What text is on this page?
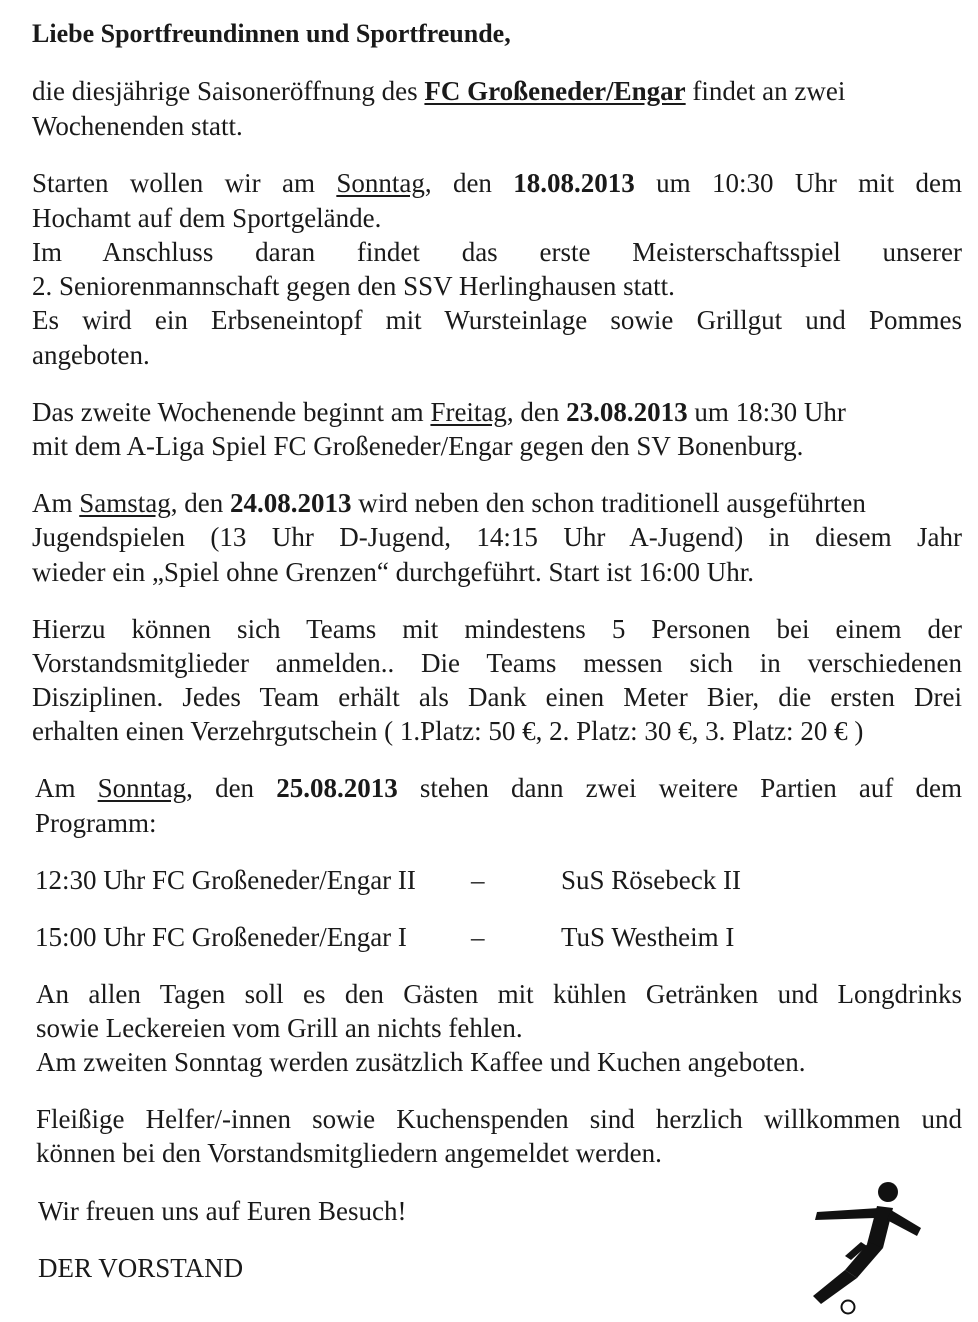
Liebe Sportfreundinnen und Sportfreunde,
die diesjährige Saisoneröffnung des FC Großeneder/Engar findet an zwei
Wochenenden statt.
Starten wollen wir am Sonntag, den 18.08.2013 um 10:30 Uhr mit dem
Hochamt auf dem Sportgelände.
Im Anschluss daran findet das erste Meisterschaftsspiel unserer
2. Seniorenmannschaft gegen den SSV Herlinghausen statt.
Es wird ein Erbseneintopf mit Wursteinlage sowie Grillgut und Pommes
angeboten.
Das zweite Wochenende beginnt am Freitag, den 23.08.2013 um 18:30 Uhr
mit dem A-Liga Spiel FC Großeneder/Engar gegen den SV Bonenburg.
Am Samstag, den 24.08.2013 wird neben den schon traditionell ausgeführten
Jugendspielen (13 Uhr D-Jugend, 14:15 Uhr A-Jugend) in diesem Jahr
wieder ein „Spiel ohne Grenzen“ durchgeführt. Start ist 16:00 Uhr.
Hierzu können sich Teams mit mindestens 5 Personen bei einem der
Vorstandsmitglieder anmelden.. Die Teams messen sich in verschiedenen
Disziplinen. Jedes Team erhält als Dank einen Meter Bier, die ersten Drei
erhalten einen Verzehrgutschein ( 1.Platz: 50 €, 2. Platz: 30 €, 3. Platz: 20 € )
Am Sonntag, den 25.08.2013 stehen dann zwei weitere Partien auf dem
Programm:
12:30 Uhr FC Großeneder/Engar II –	SuS Rösebeck II
15:00 Uhr FC Großeneder/Engar I –	TuS Westheim I
An allen Tagen soll es den Gästen mit kühlen Getränken und Longdrinks
sowie Leckereien vom Grill an nichts fehlen.
Am zweiten Sonntag werden zusätzlich Kaffee und Kuchen angeboten.
Fleißige Helfer/-innen sowie Kuchenspenden sind herzlich willkommen und
können bei den Vorstandsmitgliedern angemeldet werden.
Wir freuen uns auf Euren Besuch!
DER VORSTAND
